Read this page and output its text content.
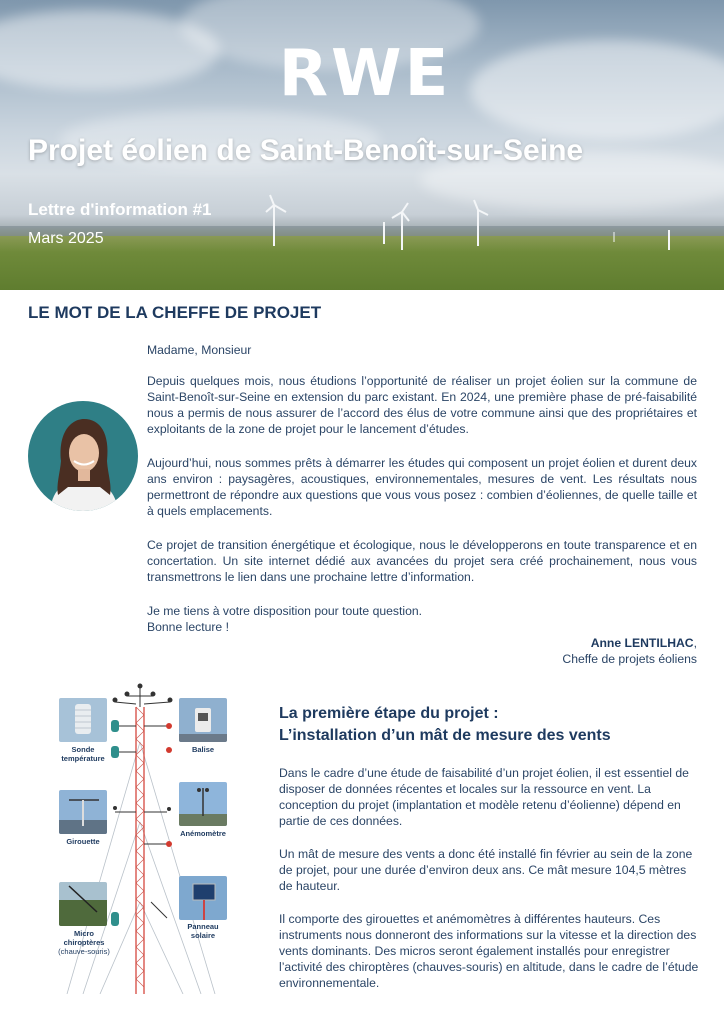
RWE
Projet éolien de Saint-Benoît-sur-Seine
Lettre d'information #1
Mars 2025
LE MOT DE LA CHEFFE DE PROJET
Madame, Monsieur
Depuis quelques mois, nous étudions l’opportunité de réaliser un projet éolien sur la commune de Saint-Benoît-sur-Seine en extension du parc existant. En 2024, une première phase de pré-faisabilité nous a permis de nous assurer de l’accord des élus de votre commune ainsi que des propriétaires et exploitants de la zone de projet pour le lancement d’études.
Aujourd’hui, nous sommes prêts à démarrer les études qui composent un projet éolien et durent deux ans environ : paysagères, acoustiques, environnementales, mesures de vent. Les résultats nous permettront de répondre aux questions que vous vous posez : combien d’éoliennes, de quelle taille et à quels emplacements.
Ce projet de transition énergétique et écologique, nous le développerons en toute transparence et en concertation. Un site internet dédié aux avancées du projet sera créé prochainement, nous vous transmettrons le lien dans une prochaine lettre d’information.
Je me tiens à votre disposition pour toute question.
Bonne lecture !
Anne LENTILHAC,
Cheffe de projets éoliens
Sonde température
Balise
Girouette
Anémomètre
Micro chiroptères
(chauve-souris)
Panneau solaire
La première étape du projet :
L’installation d’un mât de mesure des vents
Dans le cadre d’une étude de faisabilité d’un projet éolien, il est essentiel de disposer de données récentes et locales sur la ressource en vent. La conception du projet (implantation et modèle retenu d’éolienne) dépend en partie de ces données.
Un mât de mesure des vents a donc été installé fin février au sein de la zone de projet, pour une durée d’environ deux ans. Ce mât mesure 104,5 mètres de hauteur.
Il comporte des girouettes et anémomètres à différentes hauteurs. Ces instruments nous donneront des informations sur la vitesse et la direction des vents dominants. Des micros seront également installés pour enregistrer l’activité des chiroptères (chauves-souris) en altitude, dans le cadre de l’étude environnementale.
